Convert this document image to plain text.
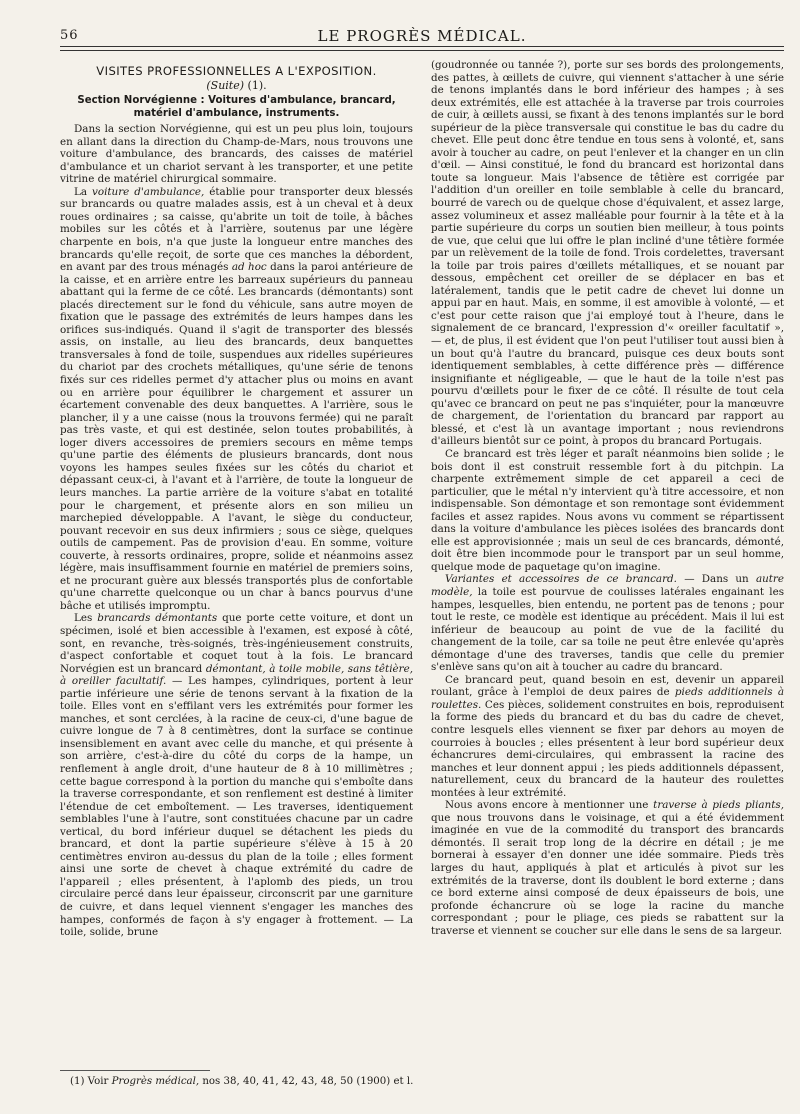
56	LE PROGRÈS MÉDICAL.
VISITES PROFESSIONNELLES A L'EXPOSITION.
(Suite) (1).
Section Norvégienne : Voitures d'ambulance, brancard, matériel d'ambulance, instruments.

Dans la section Norvégienne, qui est un peu plus loin, toujours en allant dans la direction du Champ-de-Mars, nous trouvons une voiture d'ambulance, des brancards, des caisses de matériel d'ambulance et un chariot servant à les transporter, et une petite vitrine de matériel chirurgical sommaire.

La voiture d'ambulance, établie pour transporter deux blessés sur brancards ou quatre malades assis, est à un cheval et à deux roues ordinaires ; sa caisse, qu'abrite un toit de toile, à bâches mobiles sur les côtés et à l'arrière, soutenus par une légère charpente en bois, n'a que juste la longueur entre manches des brancards qu'elle reçoit, de sorte que ces manches la débordent, en avant par des trous ménagés ad hoc dans la paroi antérieure de la caisse, et en arrière entre les barreaux supérieurs du panneau abattant qui la ferme de ce côté. Les brancards (démontants) sont placés directement sur le fond du véhicule, sans autre moyen de fixation que le passage des extrémités de leurs hampes dans les orifices sus-indiqués. Quand il s'agit de transporter des blessés assis, on installe, au lieu des brancards, deux banquettes transversales à fond de toile, suspendues aux ridelles supérieures du chariot par des crochets métalliques, qu'une série de tenons fixés sur ces ridelles permet d'y attacher plus ou moins en avant ou en arrière pour équilibrer le chargement et assurer un écartement convenable des deux banquettes. A l'arrière, sous le plancher, il y a une caisse (nous la trouvons fermée) qui ne paraît pas très vaste, et qui est destinée, selon toutes probabilités, à loger divers accessoires de premiers secours en même temps qu'une partie des éléments de plusieurs brancards, dont nous voyons les hampes seules fixées sur les côtés du chariot et dépassant ceux-ci, à l'avant et à l'arrière, de toute la longueur de leurs manches. La partie arrière de la voiture s'abat en totalité pour le chargement, et présente alors en son milieu un marchepied développable. A l'avant, le siège du conducteur, pouvant recevoir en sus deux infirmiers ; sous ce siège, quelques outils de campement. Pas de provision d'eau. En somme, voiture couverte, à ressorts ordinaires, propre, solide et néanmoins assez légère, mais insuffisamment fournie en matériel de premiers soins, et ne procurant guère aux blessés transportés plus de confortable qu'une charrette quelconque ou un char à bancs pourvus d'une bâche et utilisés impromptu.

Les brancards démontants que porte cette voiture, et dont un spécimen, isolé et bien accessible à l'examen, est exposé à côté, sont, en revanche, très-soignés, très-ingénieusement construits, d'aspect confortable et coquet tout à la fois. Le brancard Norvégien est un brancard démontant, à toile mobile, sans têtière, à oreiller facultatif. — Les hampes, cylindriques, portent à leur partie inférieure une série de tenons servant à la fixation de la toile. Elles vont en s'effilant vers les extrémités pour former les manches, et sont cerclées, à la racine de ceux-ci, d'une bague de cuivre longue de 7 à 8 centimètres, dont la surface se continue insensiblement en avant avec celle du manche, et qui présente à son arrière, c'est-à-dire du côté du corps de la hampe, un renflement à angle droit, d'une hauteur de 8 à 10 millimètres ; cette bague correspond à la portion du manche qui s'emboîte dans la traverse correspondante, et son renflement est destiné à limiter l'étendue de cet emboîtement. — Les traverses, identiquement semblables l'une à l'autre, sont constituées chacune par un cadre vertical, du bord inférieur duquel se détachent les pieds du brancard, et dont la partie supérieure s'élève à 15 à 20 centimètres environ au-dessus du plan de la toile ; elles forment ainsi une sorte de chevet à chaque extrémité du cadre de l'appareil ; elles présentent, à l'aplomb des pieds, un trou circulaire percé dans leur épaisseur, circonscrit par une garniture de cuivre, et dans lequel viennent s'engager les manches des hampes, conformés de façon à s'y engager à frottement. — La toile, solide, brune

(goudronnée ou tannée ?), porte sur ses bords des prolongements, des pattes, à œillets de cuivre, qui viennent s'attacher à une série de tenons implantés dans le bord inférieur des hampes ; à ses deux extrémités, elle est attachée à la traverse par trois courroies de cuir, à œillets aussi, se fixant à des tenons implantés sur le bord supérieur de la pièce transversale qui constitue le bas du cadre du chevet. Elle peut donc être tendue en tous sens à volonté, et, sans avoir à toucher au cadre, on peut l'enlever et la changer en un clin d'œil. — Ainsi constitué, le fond du brancard est horizontal dans toute sa longueur. Mais l'absence de têtière est corrigée par l'addition d'un oreiller en toile semblable à celle du brancard, bourré de varech ou de quelque chose d'équivalent, et assez large, assez volumineux et assez malléable pour fournir à la tête et à la partie supérieure du corps un soutien bien meilleur, à tous points de vue, que celui que lui offre le plan incliné d'une têtière formée par un relèvement de la toile de fond. Trois cordelettes, traversant la toile par trois paires d'œillets métalliques, et se nouant par dessous, empêchent cet oreiller de se déplacer en bas et latéralement, tandis que le petit cadre de chevet lui donne un appui par en haut. Mais, en somme, il est amovible à volonté, — et c'est pour cette raison que j'ai employé tout à l'heure, dans le signalement de ce brancard, l'expression d'« oreiller facultatif », — et, de plus, il est évident que l'on peut l'utiliser tout aussi bien à un bout qu'à l'autre du brancard, puisque ces deux bouts sont identiquement semblables, à cette différence près — différence insignifiante et négligeable, — que le haut de la toile n'est pas pourvu d'œillets pour le fixer de ce côté. Il résulte de tout cela qu'avec ce brancard on peut ne pas s'inquiéter, pour la manœuvre de chargement, de l'orientation du brancard par rapport au blessé, et c'est là un avantage important ; nous reviendrons d'ailleurs bientôt sur ce point, à propos du brancard Portugais.

Ce brancard est très léger et paraît néanmoins bien solide ; le bois dont il est construit ressemble fort à du pitchpin. La charpente extrêmement simple de cet appareil a ceci de particulier, que le métal n'y intervient qu'à titre accessoire, et non indispensable. Son démontage et son remontage sont évidemment faciles et assez rapides. Nous avons vu comment se répartissent dans la voiture d'ambulance les pièces isolées des brancards dont elle est approvisionnée ; mais un seul de ces brancards, démonté, doit être bien incommode pour le transport par un seul homme, quelque mode de paquetage qu'on imagine.

Variantes et accessoires de ce brancard. — Dans un autre modèle, la toile est pourvue de coulisses latérales engainant les hampes, lesquelles, bien entendu, ne portent pas de tenons ; pour tout le reste, ce modèle est identique au précédent. Mais il lui est inférieur de beaucoup au point de vue de la facilité du changement de la toile, car sa toile ne peut être enlevée qu'après démontage d'une des traverses, tandis que celle du premier s'enlève sans qu'on ait à toucher au cadre du brancard.

Ce brancard peut, quand besoin en est, devenir un appareil roulant, grâce à l'emploi de deux paires de pieds additionnels à roulettes. Ces pièces, solidement construites en bois, reproduisent la forme des pieds du brancard et du bas du cadre de chevet, contre lesquels elles viennent se fixer par dehors au moyen de courroies à boucles ; elles présentent à leur bord supérieur deux échancrures demi-circulaires, qui embrassent la racine des manches et leur donnent appui ; les pieds additionnels dépassent, naturellement, ceux du brancard de la hauteur des roulettes montées à leur extrémité.

Nous avons encore à mentionner une traverse à pieds pliants, que nous trouvons dans le voisinage, et qui a été évidemment imaginée en vue de la commodité du transport des brancards démontés. Il serait trop long de la décrire en détail ; je me bornerai à essayer d'en donner une idée sommaire. Pieds très larges du haut, appliqués à plat et articulés à pivot sur les extrémités de la traverse, dont ils doublent le bord externe ; dans ce bord externe ainsi composé de deux épaisseurs de bois, une profonde échancrure où se loge la racine du manche correspondant ; pour le pliage, ces pieds se rabattent sur la traverse et viennent se coucher sur elle dans le sens de sa largeur.

(1) Voir Progrès médical, nos 38, 40, 41, 42, 43, 48, 50 (1900) et l.
